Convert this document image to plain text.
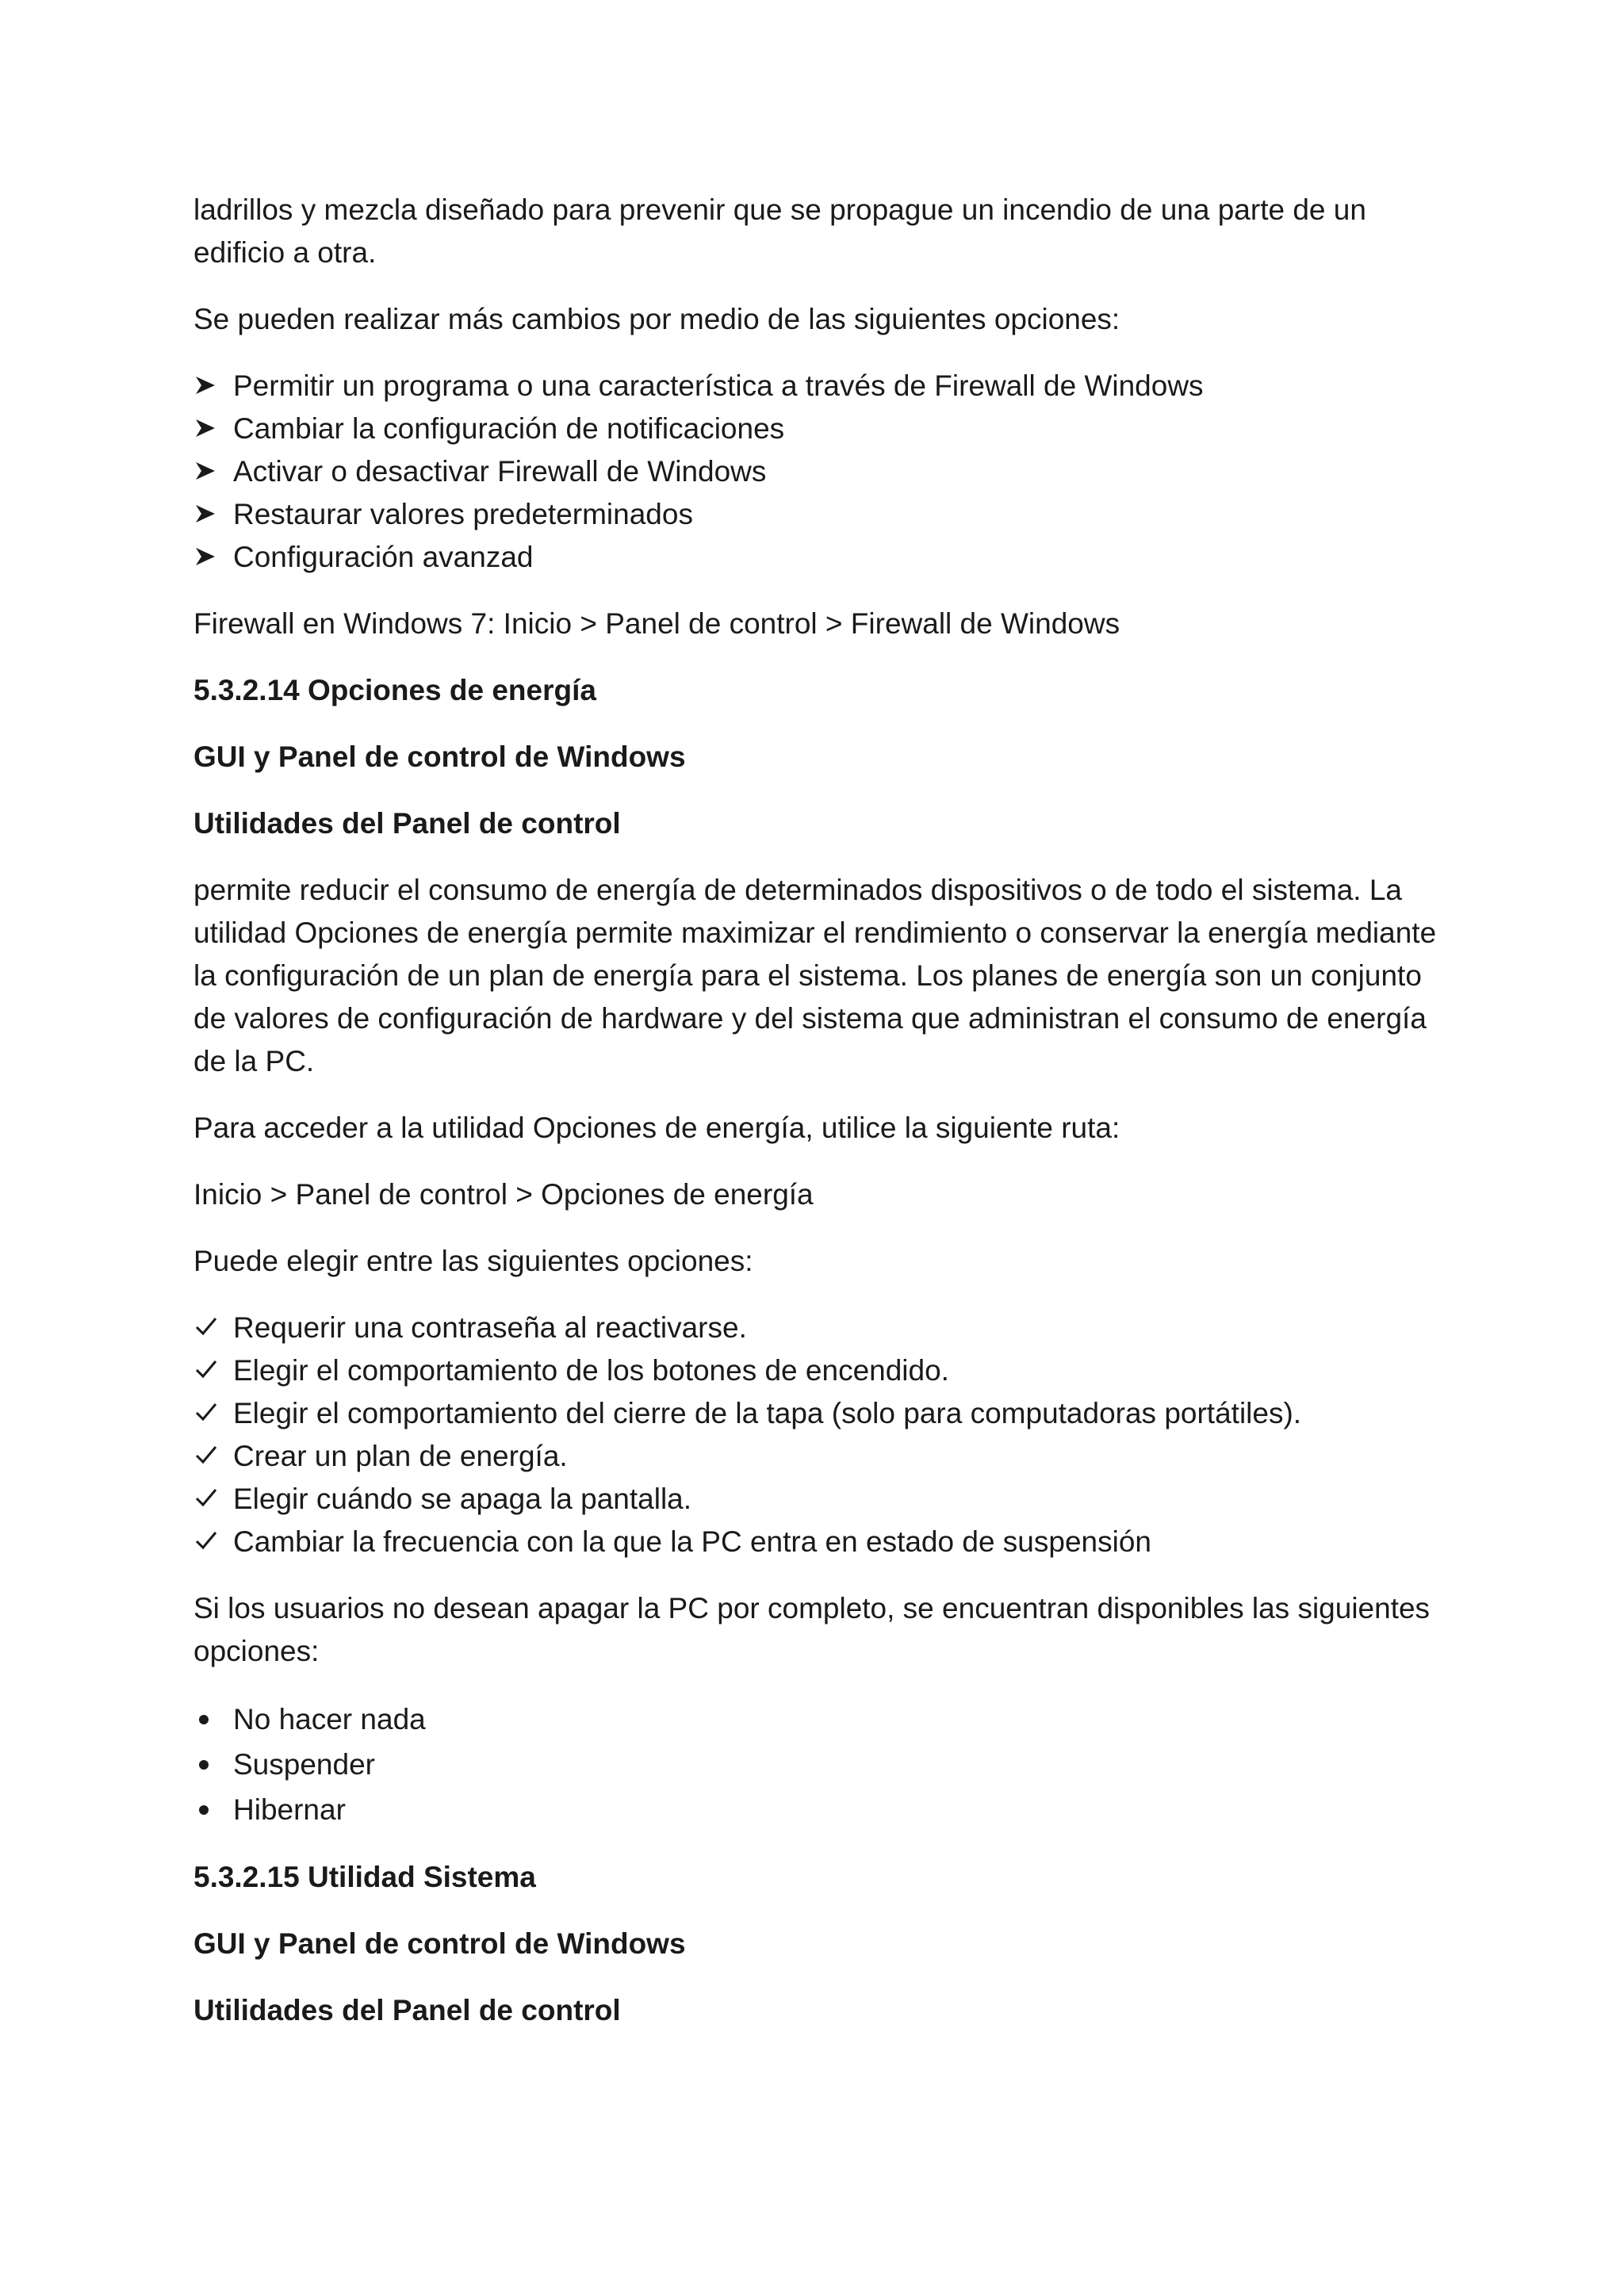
ladrillos y mezcla diseñado para prevenir que se propague un incendio de una parte de un edificio a otra.

Se pueden realizar más cambios por medio de las siguientes opciones:

Permitir un programa o una característica a través de Firewall de Windows
Cambiar la configuración de notificaciones
Activar o desactivar Firewall de Windows
Restaurar valores predeterminados
Configuración avanzad

Firewall en Windows 7: Inicio > Panel de control > Firewall de Windows

5.3.2.14 Opciones de energía

GUI y Panel de control de Windows

Utilidades del Panel de control

permite reducir el consumo de energía de determinados dispositivos o de todo el sistema. La utilidad Opciones de energía permite maximizar el rendimiento o conservar la energía mediante la configuración de un plan de energía para el sistema. Los planes de energía son un conjunto de valores de configuración de hardware y del sistema que administran el consumo de energía de la PC.

Para acceder a la utilidad Opciones de energía, utilice la siguiente ruta:

Inicio > Panel de control > Opciones de energía

Puede elegir entre las siguientes opciones:

Requerir una contraseña al reactivarse.
Elegir el comportamiento de los botones de encendido.
Elegir el comportamiento del cierre de la tapa (solo para computadoras portátiles).
Crear un plan de energía.
Elegir cuándo se apaga la pantalla.
Cambiar la frecuencia con la que la PC entra en estado de suspensión

Si los usuarios no desean apagar la PC por completo, se encuentran disponibles las siguientes opciones:

No hacer nada
Suspender
Hibernar

5.3.2.15 Utilidad Sistema

GUI y Panel de control de Windows

Utilidades del Panel de control
